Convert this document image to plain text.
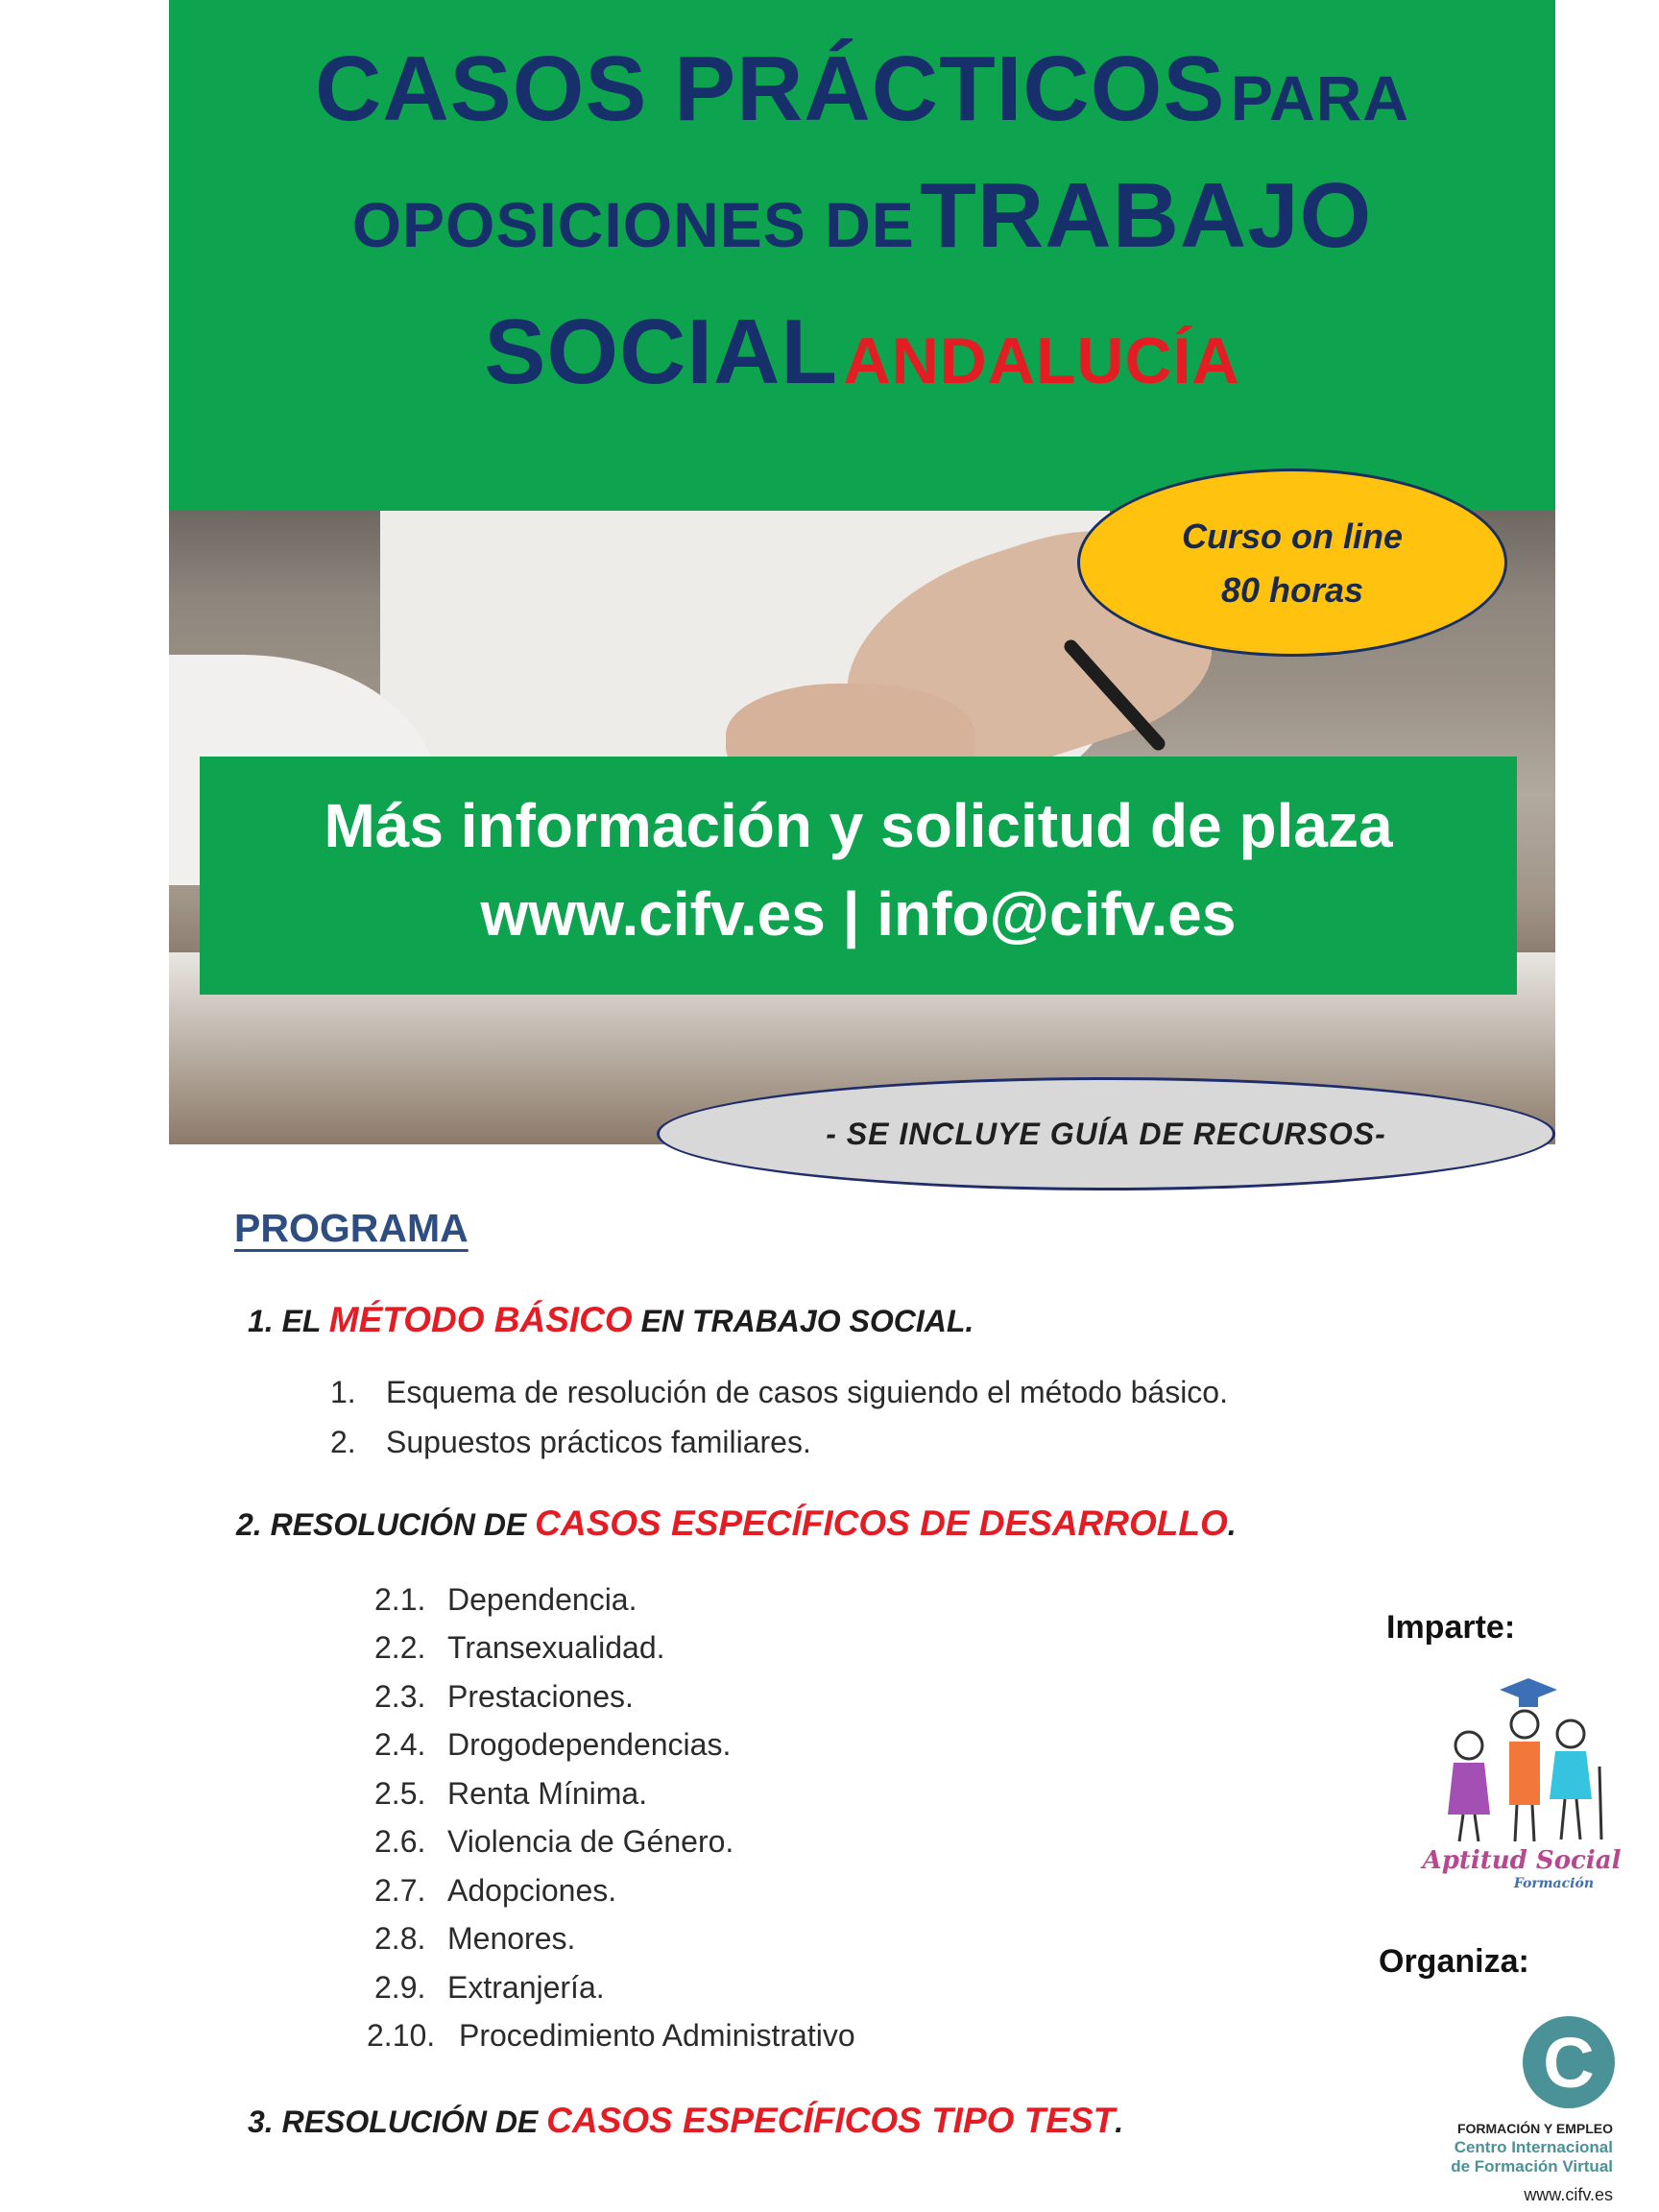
CASOS PRÁCTICOS PARA
OPOSICIONES DE TRABAJO
SOCIAL ANDALUCÍA
Curso on line
80 horas
Más información y solicitud de plaza
www.cifv.es | info@cifv.es
- SE INCLUYE GUÍA DE RECURSOS-
PROGRAMA
1. EL MÉTODO BÁSICO EN TRABAJO SOCIAL.
1. Esquema de resolución de casos siguiendo el método básico.
2. Supuestos prácticos familiares.
2. RESOLUCIÓN DE CASOS ESPECÍFICOS DE DESARROLLO.
2.1. Dependencia.
2.2. Transexualidad.
2.3. Prestaciones.
2.4. Drogodependencias.
2.5. Renta Mínima.
2.6. Violencia de Género.
2.7. Adopciones.
2.8. Menores.
2.9. Extranjería.
2.10. Procedimiento Administrativo
3. RESOLUCIÓN DE CASOS ESPECÍFICOS TIPO TEST.
Imparte:
Aptitud Social
Formación
Organiza:
C
FORMACIÓN Y EMPLEO
Centro Internacional
de Formación Virtual
www.cifv.es
